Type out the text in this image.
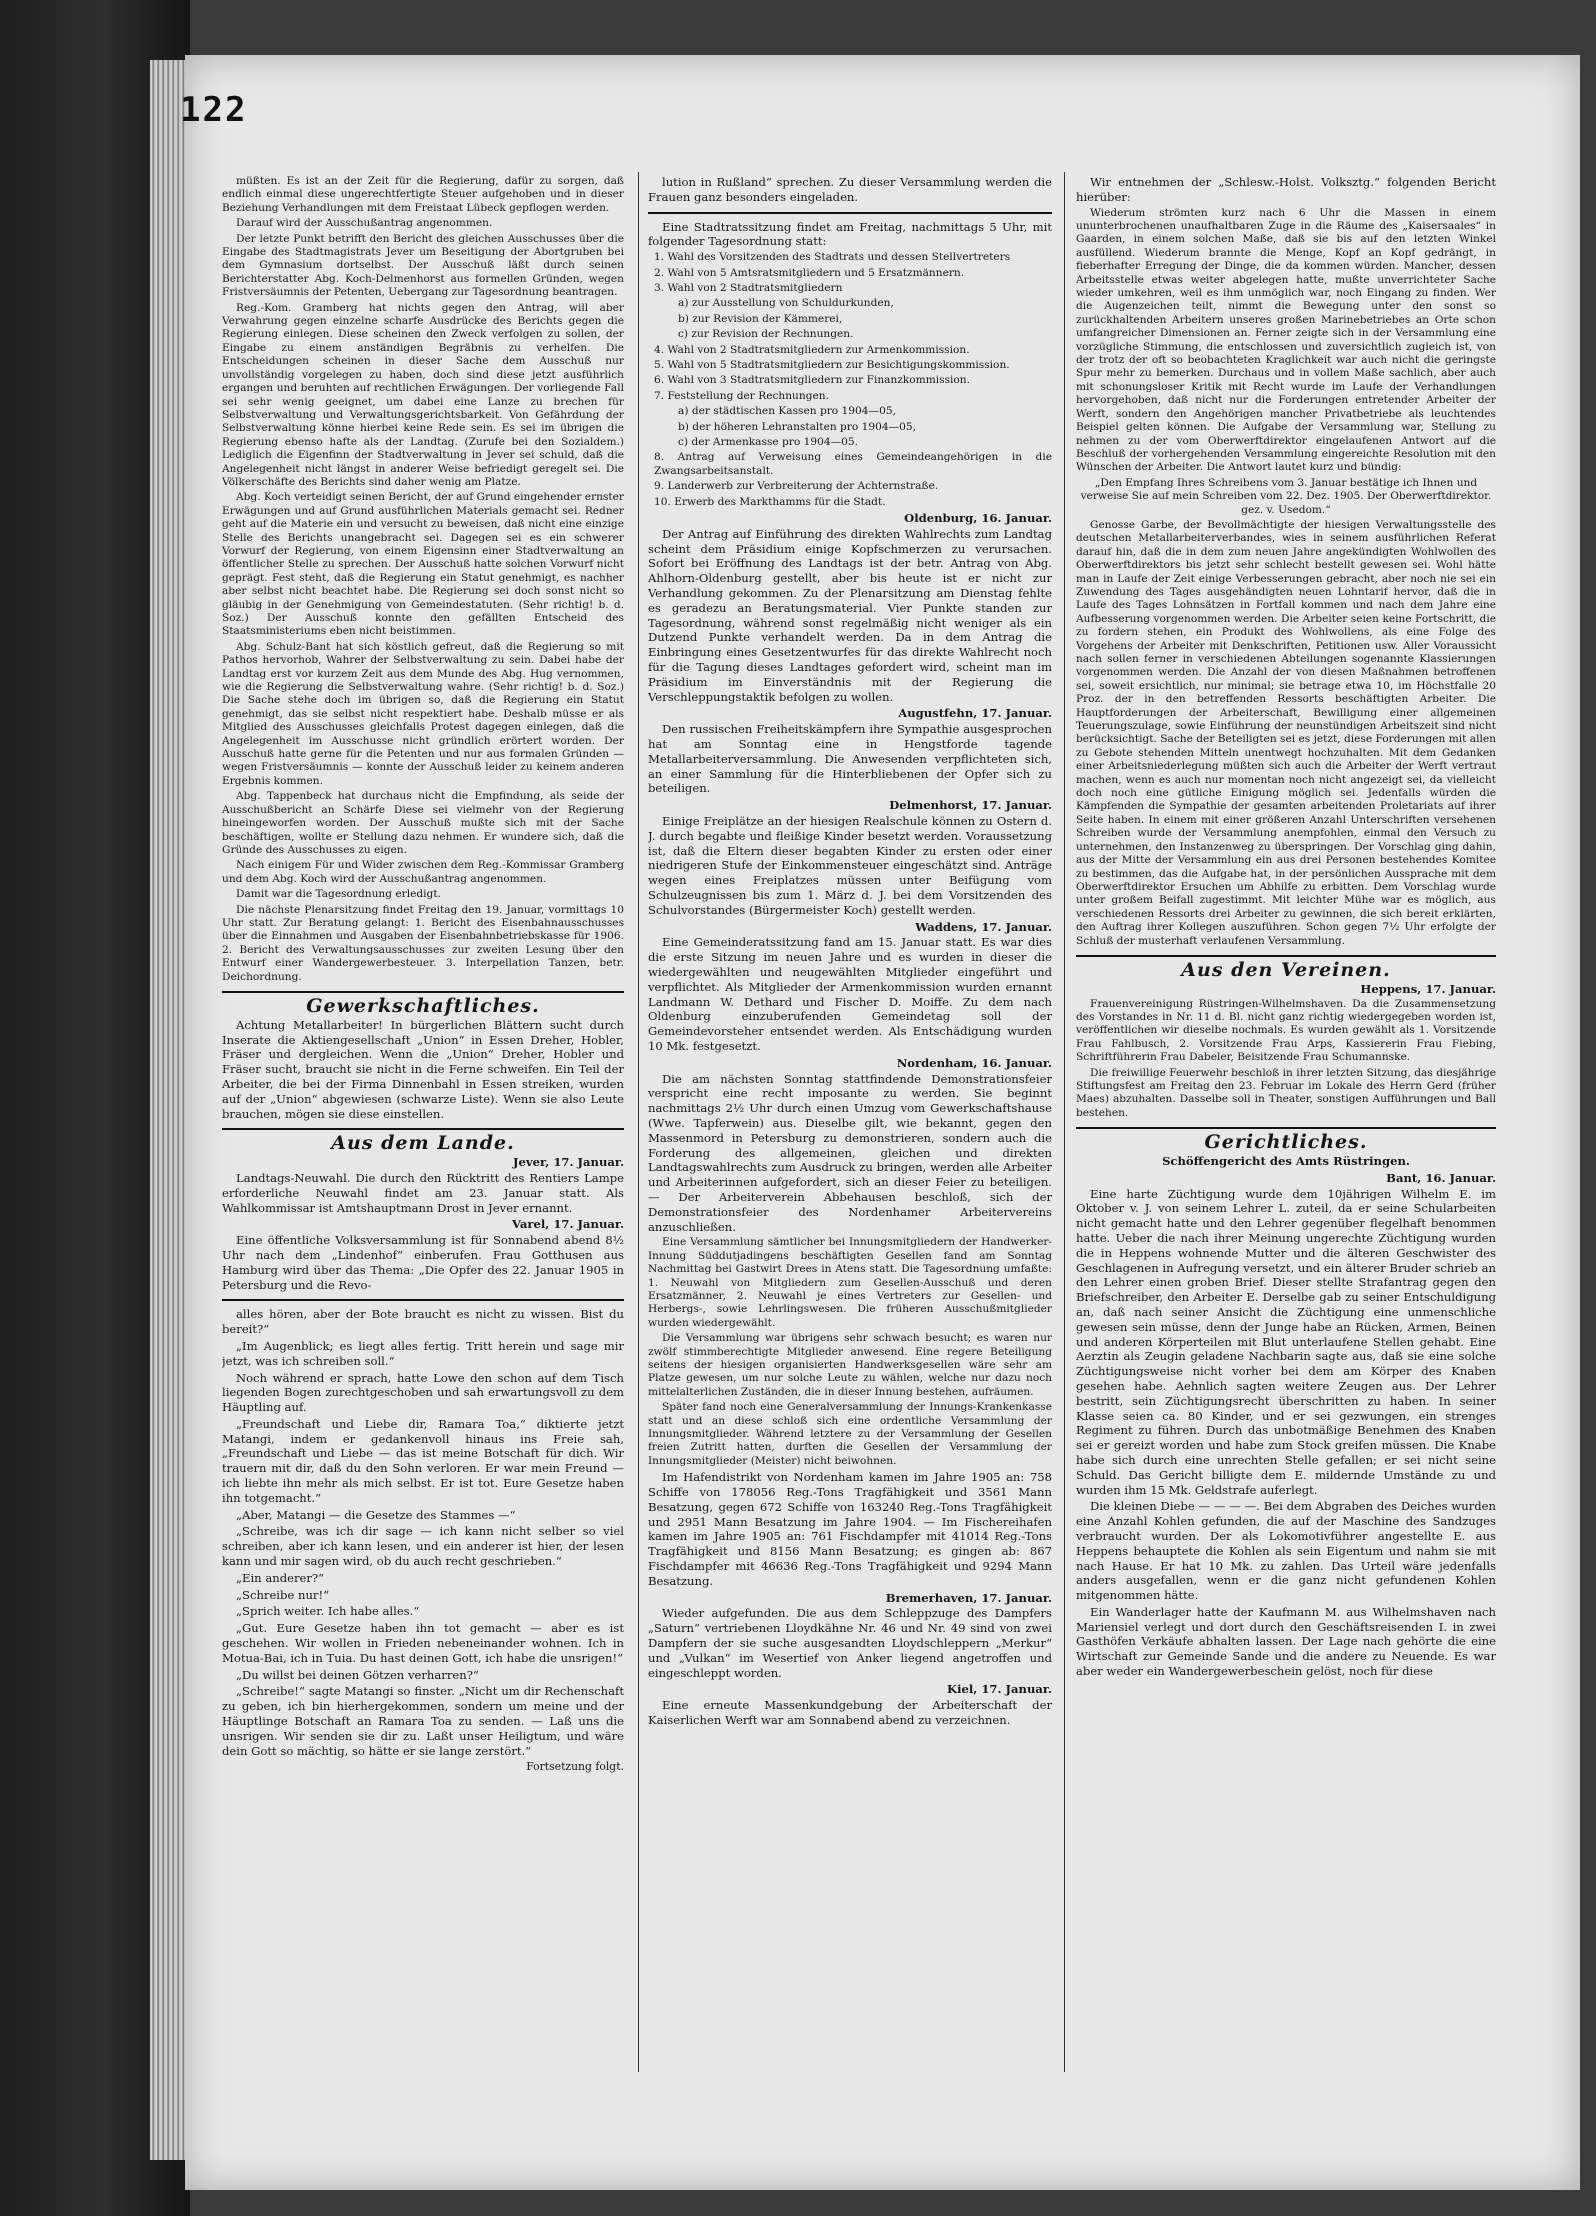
122

müßten. Es ist an der Zeit für die Regierung, dafür zu sorgen, daß endlich einmal diese ungerechtfertigte Steuer aufgehoben und in dieser Beziehung Verhandlungen mit dem Freistaat Lübeck gepflogen werden.

Darauf wird der Ausschußantrag angenommen.

Der letzte Punkt betrifft den Bericht des gleichen Ausschusses über die Eingabe des Stadtmagistrats Jever um Beseitigung der Abortgruben bei dem Gymnasium dortselbst. Der Ausschuß läßt durch seinen Berichterstatter Abg. Koch-Delmenhorst aus formellen Gründen, wegen Fristversäumnis der Petenten, Uebergang zur Tagesordnung beantragen.

Reg.-Kom. Gramberg hat nichts gegen den Antrag, will aber Verwahrung gegen einzelne scharfe Ausdrücke des Berichts gegen die Regierung einlegen. Diese scheinen den Zweck verfolgen zu sollen, der Eingabe zu einem anständigen Begräbnis zu verhelfen. Die Entscheidungen scheinen in dieser Sache dem Ausschuß nur unvollständig vorgelegen zu haben, doch sind diese jetzt ausführlich ergangen und beruhten auf rechtlichen Erwägungen. Der vorliegende Fall sei sehr wenig geeignet, um dabei eine Lanze zu brechen für Selbstverwaltung und Verwaltungsgerichtsbarkeit. Von Gefährdung der Selbstverwaltung könne hierbei keine Rede sein. Es sei im übrigen die Regierung ebenso hafte als der Landtag. (Zurufe bei den Sozialdem.) Lediglich die Eigenfinn der Stadtverwaltung in Jever sei schuld, daß die Angelegenheit nicht längst in anderer Weise befriedigt geregelt sei. Die Völkerschäfte des Berichts sind daher wenig am Platze.

Abg. Koch verteidigt seinen Bericht, der auf Grund eingehender ernster Erwägungen und auf Grund ausführlichen Materials gemacht sei. Redner geht auf die Materie ein und versucht zu beweisen, daß nicht eine einzige Stelle des Berichts unangebracht sei. Dagegen sei es ein schwerer Vorwurf der Regierung, von einem Eigensinn einer Stadtverwaltung an öffentlicher Stelle zu sprechen. Der Ausschuß hatte solchen Vorwurf nicht geprägt. Fest steht, daß die Regierung ein Statut genehmigt, es nachher aber selbst nicht beachtet habe. Die Regierung sei doch sonst nicht so gläubig in der Genehmigung von Gemeindestatuten. (Sehr richtig! b. d. Soz.) Der Ausschuß konnte den gefällten Entscheid des Staatsministeriums eben nicht beistimmen.

Abg. Schulz-Bant hat sich köstlich gefreut, daß die Regierung so mit Pathos hervorhob, Wahrer der Selbstverwaltung zu sein. Dabei habe der Landtag erst vor kurzem Zeit aus dem Munde des Abg. Hug vernommen, wie die Regierung die Selbstverwaltung wahre. (Sehr richtig! b. d. Soz.) Die Sache stehe doch im übrigen so, daß die Regierung ein Statut genehmigt, das sie selbst nicht respektiert habe. Deshalb müsse er als Mitglied des Ausschusses gleichfalls Protest dagegen einlegen, daß die Angelegenheit im Ausschusse nicht gründlich erörtert worden. Der Ausschuß hatte gerne für die Petenten und nur aus formalen Gründen — wegen Fristversäumnis — konnte der Ausschuß leider zu keinem anderen Ergebnis kommen.

Abg. Tappenbeck hat durchaus nicht die Empfindung, als seide der Ausschußbericht an Schärfe Diese sei vielmehr von der Regierung hineingeworfen worden. Der Ausschuß mußte sich mit der Sache beschäftigen, wollte er Stellung dazu nehmen. Er wundere sich, daß die Gründe des Ausschusses zu eigen.

Nach einigem Für und Wider zwischen dem Reg.-Kommissar Gramberg und dem Abg. Koch wird der Ausschußantrag angenommen.

Damit war die Tagesordnung erledigt.

Die nächste Plenarsitzung findet Freitag den 19. Januar, vormittags 10 Uhr statt. Zur Beratung gelangt: 1. Bericht des Eisenbahnausschusses über die Einnahmen und Ausgaben der Eisenbahnbetriebskasse für 1906. 2. Bericht des Verwaltungsausschusses zur zweiten Lesung über den Entwurf einer Wandergewerbesteuer. 3. Interpellation Tanzen, betr. Deichordnung.

Gewerkschaftliches.

Achtung Metallarbeiter! In bürgerlichen Blättern sucht durch Inserate die Aktiengesellschaft „Union“ in Essen Dreher, Hobler, Fräser und dergleichen. Wenn die „Union“ Dreher, Hobler und Fräser sucht, braucht sie nicht in die Ferne schweifen. Ein Teil der Arbeiter, die bei der Firma Dinnenbahl in Essen streiken, wurden auf der „Union“ abgewiesen (schwarze Liste). Wenn sie also Leute brauchen, mögen sie diese einstellen.

Aus dem Lande.

Jever, 17. Januar.

Landtags-Neuwahl. Die durch den Rücktritt des Rentiers Lampe erforderliche Neuwahl findet am 23. Januar statt. Als Wahlkommissar ist Amtshauptmann Drost in Jever ernannt.

Varel, 17. Januar.

Eine öffentliche Volksversammlung ist für Sonnabend abend 8½ Uhr nach dem „Lindenhof“ einberufen. Frau Gotthusen aus Hamburg wird über das Thema: „Die Opfer des 22. Januar 1905 in Petersburg und die Revo-

alles hören, aber der Bote braucht es nicht zu wissen. Bist du bereit?“

„Im Augenblick; es liegt alles fertig. Tritt herein und sage mir jetzt, was ich schreiben soll.“

Noch während er sprach, hatte Lowe den schon auf dem Tisch liegenden Bogen zurechtgeschoben und sah erwartungsvoll zu dem Häuptling auf.

„Freundschaft und Liebe dir, Ramara Toa,“ diktierte jetzt Matangi, indem er gedankenvoll hinaus ins Freie sah, „Freundschaft und Liebe — das ist meine Botschaft für dich. Wir trauern mit dir, daß du den Sohn verloren. Er war mein Freund — ich liebte ihn mehr als mich selbst. Er ist tot. Eure Gesetze haben ihn totgemacht.“

„Aber, Matangi — die Gesetze des Stammes —“

„Schreibe, was ich dir sage — ich kann nicht selber so viel schreiben, aber ich kann lesen, und ein anderer ist hier, der lesen kann und mir sagen wird, ob du auch recht geschrieben.“

„Ein anderer?“

„Schreibe nur!“

„Sprich weiter. Ich habe alles.“

„Gut. Eure Gesetze haben ihn tot gemacht — aber es ist geschehen. Wir wollen in Frieden nebeneinander wohnen. Ich in Motua-Bai, ich in Tuia. Du hast deinen Gott, ich habe die unsrigen!“

„Du willst bei deinen Götzen verharren?“

„Schreibe!“ sagte Matangi so finster. „Nicht um dir Rechenschaft zu geben, ich bin hierhergekommen, sondern um meine und der Häuptlinge Botschaft an Ramara Toa zu senden. — Laß uns die unsrigen. Wir senden sie dir zu. Laßt unser Heiligtum, und wäre dein Gott so mächtig, so hätte er sie lange zerstört.“

Fortsetzung folgt.

lution in Rußland“ sprechen. Zu dieser Versammlung werden die Frauen ganz besonders eingeladen.

Eine Stadtratssitzung findet am Freitag, nachmittags 5 Uhr, mit folgender Tagesordnung statt:

1. Wahl des Vorsitzenden des Stadtrats und dessen Stellvertreters

2. Wahl von 5 Amtsratsmitgliedern und 5 Ersatzmännern.

3. Wahl von 2 Stadtratsmitgliedern

a) zur Ausstellung von Schuldurkunden,

b) zur Revision der Kämmerei,

c) zur Revision der Rechnungen.

4. Wahl von 2 Stadtratsmitgliedern zur Armenkommission.

5. Wahl von 5 Stadtratsmitgliedern zur Besichtigungskommission.

6. Wahl von 3 Stadtratsmitgliedern zur Finanzkommission.

7. Feststellung der Rechnungen.

a) der städtischen Kassen pro 1904—05,

b) der höheren Lehranstalten pro 1904—05,

c) der Armenkasse pro 1904—05.

8. Antrag auf Verweisung eines Gemeindeangehörigen in die Zwangsarbeitsanstalt.

9. Landerwerb zur Verbreiterung der Achternstraße.

10. Erwerb des Markthamms für die Stadt.

Oldenburg, 16. Januar.

Der Antrag auf Einführung des direkten Wahlrechts zum Landtag scheint dem Präsidium einige Kopfschmerzen zu verursachen. Sofort bei Eröffnung des Landtags ist der betr. Antrag von Abg. Ahlhorn-Oldenburg gestellt, aber bis heute ist er nicht zur Verhandlung gekommen. Zu der Plenarsitzung am Dienstag fehlte es geradezu an Beratungsmaterial. Vier Punkte standen zur Tagesordnung, während sonst regelmäßig nicht weniger als ein Dutzend Punkte verhandelt werden. Da in dem Antrag die Einbringung eines Gesetzentwurfes für das direkte Wahlrecht noch für die Tagung dieses Landtages gefordert wird, scheint man im Präsidium im Einverständnis mit der Regierung die Verschleppungstaktik befolgen zu wollen.

Augustfehn, 17. Januar.

Den russischen Freiheitskämpfern ihre Sympathie ausgesprochen hat am Sonntag eine in Hengstforde tagende Metallarbeiterversammlung. Die Anwesenden verpflichteten sich, an einer Sammlung für die Hinterbliebenen der Opfer sich zu beteiligen.

Delmenhorst, 17. Januar.

Einige Freiplätze an der hiesigen Realschule können zu Ostern d. J. durch begabte und fleißige Kinder besetzt werden. Voraussetzung ist, daß die Eltern dieser begabten Kinder zu ersten oder einer niedrigeren Stufe der Einkommensteuer eingeschätzt sind. Anträge wegen eines Freiplatzes müssen unter Beifügung vom Schulzeugnissen bis zum 1. März d. J. bei dem Vorsitzenden des Schulvorstandes (Bürgermeister Koch) gestellt werden.

Waddens, 17. Januar.

Eine Gemeinderatssitzung fand am 15. Januar statt. Es war dies die erste Sitzung im neuen Jahre und es wurden in dieser die wiedergewählten und neugewählten Mitglieder eingeführt und verpflichtet. Als Mitglieder der Armenkommission wurden ernannt Landmann W. Dethard und Fischer D. Moiffe. Zu dem nach Oldenburg einzuberufenden Gemeindetag soll der Gemeindevorsteher entsendet werden. Als Entschädigung wurden 10 Mk. festgesetzt.

Nordenham, 16. Januar.

Die am nächsten Sonntag stattfindende Demonstrationsfeier verspricht eine recht imposante zu werden. Sie beginnt nachmittags 2½ Uhr durch einen Umzug vom Gewerkschaftshause (Wwe. Tapferwein) aus. Dieselbe gilt, wie bekannt, gegen den Massenmord in Petersburg zu demonstrieren, sondern auch die Forderung des allgemeinen, gleichen und direkten Landtagswahlrechts zum Ausdruck zu bringen, werden alle Arbeiter und Arbeiterinnen aufgefordert, sich an dieser Feier zu beteiligen. — Der Arbeiterverein Abbehausen beschloß, sich der Demonstrationsfeier des Nordenhamer Arbeitervereins anzuschließen.

Eine Versammlung sämtlicher bei Innungsmitgliedern der Handwerker-Innung Süddutjadingens beschäftigten Gesellen fand am Sonntag Nachmittag bei Gastwirt Drees in Atens statt. Die Tagesordnung umfaßte: 1. Neuwahl von Mitgliedern zum Gesellen-Ausschuß und deren Ersatzmänner, 2. Neuwahl je eines Vertreters zur Gesellen- und Herbergs-, sowie Lehrlingswesen. Die früheren Ausschußmitglieder wurden wiedergewählt.

Die Versammlung war übrigens sehr schwach besucht; es waren nur zwölf stimmberechtigte Mitglieder anwesend. Eine regere Beteiligung seitens der hiesigen organisierten Handwerksgesellen wäre sehr am Platze gewesen, um nur solche Leute zu wählen, welche nur dazu noch mittelalterlichen Zuständen, die in dieser Innung bestehen, aufräumen.

Später fand noch eine Generalversammlung der Innungs-Krankenkasse statt und an diese schloß sich eine ordentliche Versammlung der Innungsmitglieder. Während letztere zu der Versammlung der Gesellen freien Zutritt hatten, durften die Gesellen der Versammlung der Innungsmitglieder (Meister) nicht beiwohnen.

Im Hafendistrikt von Nordenham kamen im Jahre 1905 an: 758 Schiffe von 178056 Reg.-Tons Tragfähigkeit und 3561 Mann Besatzung, gegen 672 Schiffe von 163240 Reg.-Tons Tragfähigkeit und 2951 Mann Besatzung im Jahre 1904. — Im Fischereihafen kamen im Jahre 1905 an: 761 Fischdampfer mit 41014 Reg.-Tons Tragfähigkeit und 8156 Mann Besatzung; es gingen ab: 867 Fischdampfer mit 46636 Reg.-Tons Tragfähigkeit und 9294 Mann Besatzung.

Bremerhaven, 17. Januar.

Wieder aufgefunden. Die aus dem Schleppzuge des Dampfers „Saturn“ vertriebenen Lloydkähne Nr. 46 und Nr. 49 sind von zwei Dampfern der sie suche ausgesandten Lloydschleppern „Merkur“ und „Vulkan“ im Wesertief von Anker liegend angetroffen und eingeschleppt worden.

Kiel, 17. Januar.

Eine erneute Massenkundgebung der Arbeiterschaft der Kaiserlichen Werft war am Sonnabend abend zu verzeichnen.

Wir entnehmen der „Schlesw.-Holst. Volksztg.“ folgenden Bericht hierüber:

Wiederum strömten kurz nach 6 Uhr die Massen in einem ununterbrochenen unaufhaltbaren Zuge in die Räume des „Kaisersaales“ in Gaarden, in einem solchen Maße, daß sie bis auf den letzten Winkel ausfüllend. Wiederum brannte die Menge, Kopf an Kopf gedrängt, in fieberhafter Erregung der Dinge, die da kommen würden. Mancher, dessen Arbeitsstelle etwas weiter abgelegen hatte, mußte unverrichteter Sache wieder umkehren, weil es ihm unmöglich war, noch Eingang zu finden. Wer die Augenzeichen teilt, nimmt die Bewegung unter den sonst so zurückhaltenden Arbeitern unseres großen Marinebetriebes an Orte schon umfangreicher Dimensionen an. Ferner zeigte sich in der Versammlung eine vorzügliche Stimmung, die entschlossen und zuversichtlich zugleich ist, von der trotz der oft so beobachteten Kraglichkeit war auch nicht die geringste Spur mehr zu bemerken. Durchaus und in vollem Maße sachlich, aber auch mit schonungsloser Kritik mit Recht wurde im Laufe der Verhandlungen hervorgehoben, daß nicht nur die Forderungen entretender Arbeiter der Werft, sondern den Angehörigen mancher Privatbetriebe als leuchtendes Beispiel gelten können. Die Aufgabe der Versammlung war, Stellung zu nehmen zu der vom Oberwerftdirektor eingelaufenen Antwort auf die Beschluß der vorhergehenden Versammlung eingereichte Resolution mit den Wünschen der Arbeiter. Die Antwort lautet kurz und bündig:

„Den Empfang Ihres Schreibens vom 3. Januar bestätige ich Ihnen und verweise Sie auf mein Schreiben vom 22. Dez. 1905. Der Oberwerftdirektor. gez. v. Usedom.“

Genosse Garbe, der Bevollmächtigte der hiesigen Verwaltungsstelle des deutschen Metallarbeiterverbandes, wies in seinem ausführlichen Referat darauf hin, daß die in dem zum neuen Jahre angekündigten Wohlwollen des Oberwerftdirektors bis jetzt sehr schlecht bestellt gewesen sei. Wohl hätte man in Laufe der Zeit einige Verbesserungen gebracht, aber noch nie sei ein Zuwendung des Tages ausgehändigten neuen Lohntarif hervor, daß die in Laufe des Tages Lohnsätzen in Fortfall kommen und nach dem Jahre eine Aufbesserung vorgenommen werden. Die Arbeiter seien keine Fortschritt, die zu fordern stehen, ein Produkt des Wohlwollens, als eine Folge des Vorgehens der Arbeiter mit Denkschriften, Petitionen usw. Aller Voraussicht nach sollen ferner in verschiedenen Abteilungen sogenannte Klassierungen vorgenommen werden. Die Anzahl der von diesen Maßnahmen betroffenen sei, soweit ersichtlich, nur minimal; sie betrage etwa 10, im Höchstfalle 20 Proz. der in den betreffenden Ressorts beschäftigten Arbeiter. Die Hauptforderungen der Arbeiterschaft, Bewilligung einer allgemeinen Teuerungszulage, sowie Einführung der neunstündigen Arbeitszeit sind nicht berücksichtigt. Sache der Beteiligten sei es jetzt, diese Forderungen mit allen zu Gebote stehenden Mitteln unentwegt hochzuhalten. Mit dem Gedanken einer Arbeitsniederlegung müßten sich auch die Arbeiter der Werft vertraut machen, wenn es auch nur momentan noch nicht angezeigt sei, da vielleicht doch noch eine gütliche Einigung möglich sei. Jedenfalls würden die Kämpfenden die Sympathie der gesamten arbeitenden Proletariats auf ihrer Seite haben. In einem mit einer größeren Anzahl Unterschriften versehenen Schreiben wurde der Versammlung anempfohlen, einmal den Versuch zu unternehmen, den Instanzenweg zu überspringen. Der Vorschlag ging dahin, aus der Mitte der Versammlung ein aus drei Personen bestehendes Komitee zu bestimmen, das die Aufgabe hat, in der persönlichen Aussprache mit dem Oberwerftdirektor Ersuchen um Abhilfe zu erbitten. Dem Vorschlag wurde unter großem Beifall zugestimmt. Mit leichter Mühe war es möglich, aus verschiedenen Ressorts drei Arbeiter zu gewinnen, die sich bereit erklärten, den Auftrag ihrer Kollegen auszuführen. Schon gegen 7½ Uhr erfolgte der Schluß der musterhaft verlaufenen Versammlung.

Aus den Vereinen.

Heppens, 17. Januar.

Frauenvereinigung Rüstringen-Wilhelmshaven. Da die Zusammensetzung des Vorstandes in Nr. 11 d. Bl. nicht ganz richtig wiedergegeben worden ist, veröffentlichen wir dieselbe nochmals. Es wurden gewählt als 1. Vorsitzende Frau Fahlbusch, 2. Vorsitzende Frau Arps, Kassiererin Frau Fiebing, Schriftführerin Frau Dabeler, Beisitzende Frau Schumannske.

Die freiwillige Feuerwehr beschloß in ihrer letzten Sitzung, das diesjährige Stiftungsfest am Freitag den 23. Februar im Lokale des Herrn Gerd (früher Maes) abzuhalten. Dasselbe soll in Theater, sonstigen Aufführungen und Ball bestehen.

Gerichtliches.

Schöffengericht des Amts Rüstringen.

Bant, 16. Januar.

Eine harte Züchtigung wurde dem 10jährigen Wilhelm E. im Oktober v. J. von seinem Lehrer L. zuteil, da er seine Schularbeiten nicht gemacht hatte und den Lehrer gegenüber flegelhaft benommen hatte. Ueber die nach ihrer Meinung ungerechte Züchtigung wurden die in Heppens wohnende Mutter und die älteren Geschwister des Geschlagenen in Aufregung versetzt, und ein älterer Bruder schrieb an den Lehrer einen groben Brief. Dieser stellte Strafantrag gegen den Briefschreiber, den Arbeiter E. Derselbe gab zu seiner Entschuldigung an, daß nach seiner Ansicht die Züchtigung eine unmenschliche gewesen sein müsse, denn der Junge habe an Rücken, Armen, Beinen und anderen Körperteilen mit Blut unterlaufene Stellen gehabt. Eine Aerztin als Zeugin geladene Nachbarin sagte aus, daß sie eine solche Züchtigungsweise nicht vorher bei dem am Körper des Knaben gesehen habe. Aehnlich sagten weitere Zeugen aus. Der Lehrer bestritt, sein Züchtigungsrecht überschritten zu haben. In seiner Klasse seien ca. 80 Kinder, und er sei gezwungen, ein strenges Regiment zu führen. Durch das unbotmäßige Benehmen des Knaben sei er gereizt worden und habe zum Stock greifen müssen. Die Knabe habe sich durch eine unrechten Stelle gefallen; er sei nicht seine Schuld. Das Gericht billigte dem E. mildernde Umstände zu und wurden ihm 15 Mk. Geldstrafe auferlegt.

Die kleinen Diebe — — — —. Bei dem Abgraben des Deiches wurden eine Anzahl Kohlen gefunden, die auf der Maschine des Sandzuges verbraucht wurden. Der als Lokomotivführer angestellte E. aus Heppens behauptete die Kohlen als sein Eigentum und nahm sie mit nach Hause. Er hat 10 Mk. zu zahlen. Das Urteil wäre jedenfalls anders ausgefallen, wenn er die ganz nicht gefundenen Kohlen mitgenommen hätte.

Ein Wanderlager hatte der Kaufmann M. aus Wilhelmshaven nach Mariensiel verlegt und dort durch den Geschäftsreisenden I. in zwei Gasthöfen Verkäufe abhalten lassen. Der Lage nach gehörte die eine Wirtschaft zur Gemeinde Sande und die andere zu Neuende. Es war aber weder ein Wandergewerbeschein gelöst, noch für diese
